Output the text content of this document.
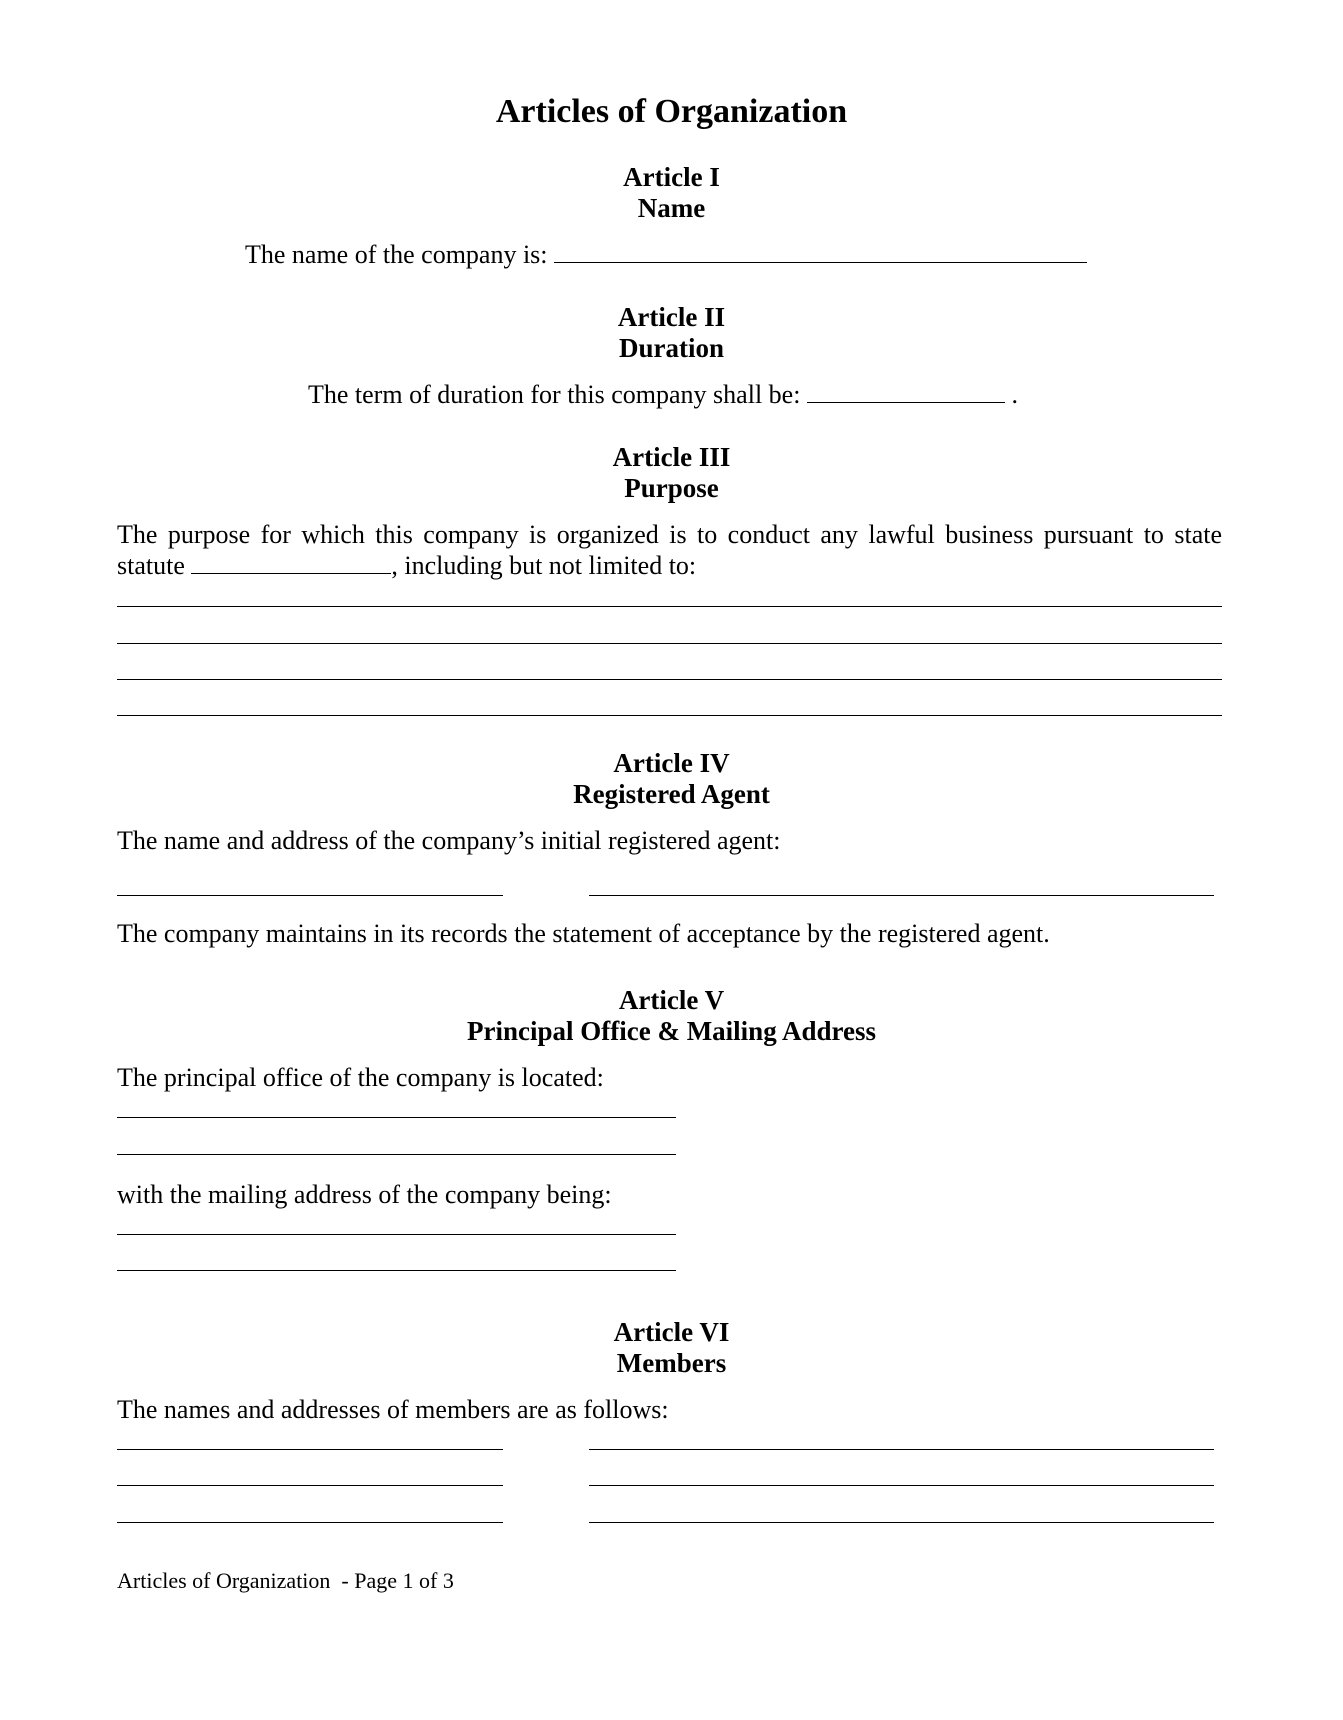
Articles of Organization
Article I
Name
The name of the company is:
Article II
Duration
The term of duration for this company shall be:	.
Article III
Purpose
The purpose for which this company is organized is to conduct any lawful business pursuant to state
statute	, including but not limited to:
Article IV
Registered Agent
The name and address of the company’s initial registered agent:
The company maintains in its records the statement of acceptance by the registered agent.
Article V
Principal Office & Mailing Address
The principal office of the company is located:
with the mailing address of the company being:
Article VI
Members
The names and addresses of members are as follows:
Articles of Organization  - Page 1 of 3
